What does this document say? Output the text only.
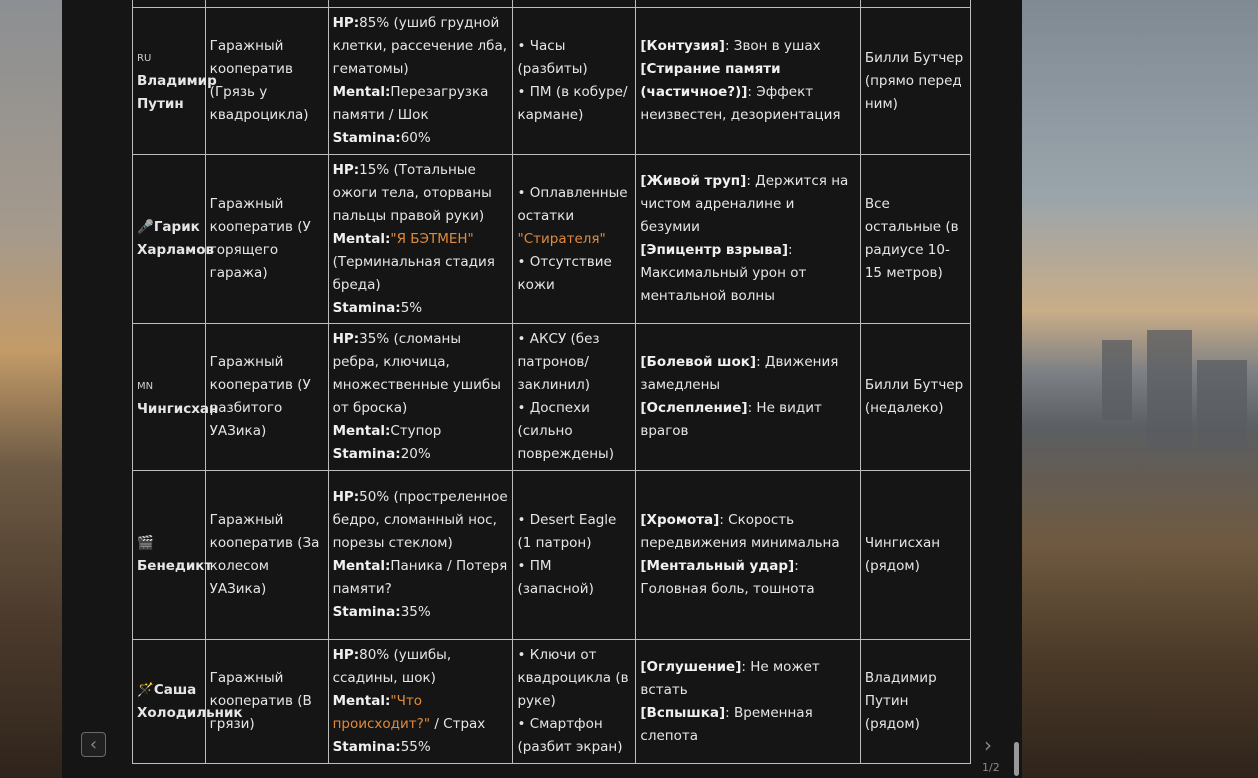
RU
Владимир Путин	Гаражный кооператив (Грязь у квадроцикла)	HP:85% (ушиб грудной клетки, рассечение лба, гематомы)
Mental:Перезагрузка памяти / Шок
Stamina:60%	• Часы (разбиты)
• ПМ (в кобуре/кармане)	[Контузия]: Звон в ушах
[Стирание памяти (частичное?)]: Эффект неизвестен, дезориентация	Билли Бутчер (прямо перед ним)
🎤Гарик Харламов	Гаражный кооператив (У горящего гаража)	HP:15% (Тотальные ожоги тела, оторваны пальцы правой руки)
Mental:"Я БЭТМЕН" (Терминальная стадия бреда)
Stamina:5%	• Оплавленные остатки "Стирателя"
• Отсутствие кожи	[Живой труп]: Держится на чистом адреналине и безумии
[Эпицентр взрыва]: Максимальный урон от ментальной волны	Все остальные (в радиусе 10-15 метров)
MN
Чингисхан	Гаражный кооператив (У разбитого УАЗика)	HP:35% (сломаны ребра, ключица, множественные ушибы от броска)
Mental:Ступор
Stamina:20%	• АКСУ (без патронов/заклинил)
• Доспехи (сильно повреждены)	[Болевой шок]: Движения замедлены
[Ослепление]: Не видит врагов	Билли Бутчер (недалеко)
🎬
Бенедикт	Гаражный кооператив (За колесом УАЗика)	HP:50% (простреленное бедро, сломанный нос, порезы стеклом)
Mental:Паника / Потеря памяти?
Stamina:35%	• Desert Eagle (1 патрон)
• ПМ (запасной)	[Хромота]: Скорость передвижения минимальна
[Ментальный удар]: Головная боль, тошнота	Чингисхан (рядом)
🪄Саша Холодильник	Гаражный кооператив (В грязи)	HP:80% (ушибы, ссадины, шок)
Mental:"Что происходит?" / Страх
Stamina:55%	• Ключи от квадроцикла (в руке)
• Смартфон (разбит экран)	[Оглушение]: Не может встать
[Вспышка]: Временная слепота	Владимир Путин (рядом)
‹	›
1/2
